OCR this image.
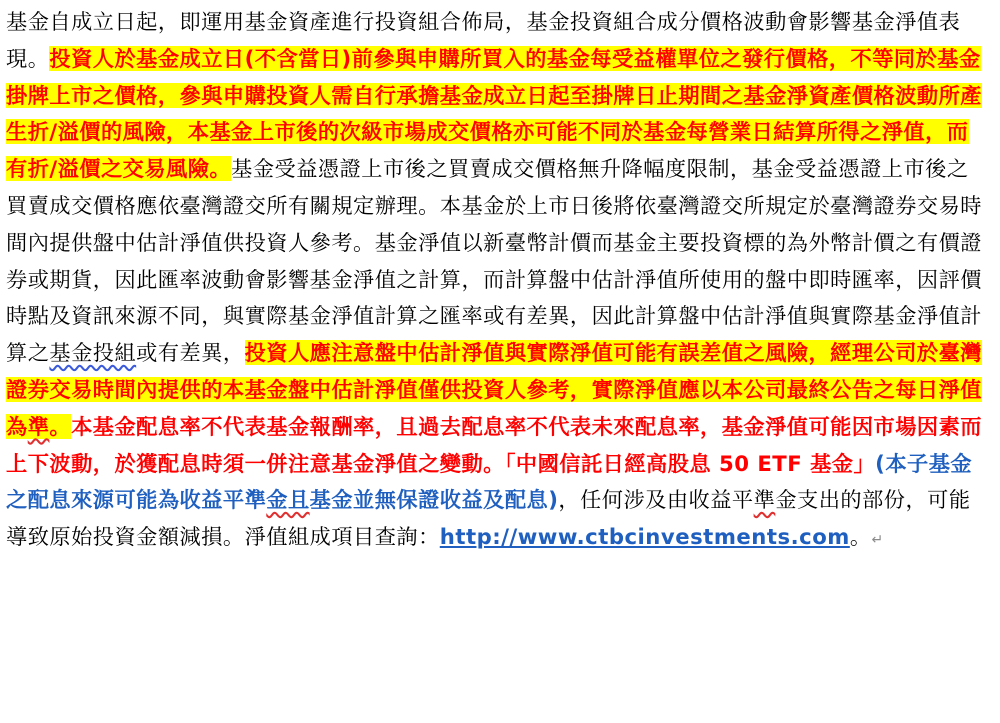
基金自成立日起，即運用基金資產進行投資組合佈局，基金投資組合成分價格波動會影響基金淨值表現。投資人於基金成立日(不含當日)前參與申購所買入的基金每受益權單位之發行價格，不等同於基金掛牌上市之價格，參與申購投資人需自行承擔基金成立日起至掛牌日止期間之基金淨資產價格波動所產生折/溢價的風險，本基金上市後的次級市場成交價格亦可能不同於基金每營業日結算所得之淨值，而有折/溢價之交易風險。基金受益憑證上市後之買賣成交價格無升降幅度限制，基金受益憑證上市後之買賣成交價格應依臺灣證交所有關規定辦理。本基金於上市日後將依臺灣證交所規定於臺灣證券交易時間內提供盤中估計淨值供投資人參考。基金淨值以新臺幣計價而基金主要投資標的為外幣計價之有價證券或期貨，因此匯率波動會影響基金淨值之計算，而計算盤中估計淨值所使用的盤中即時匯率，因評價時點及資訊來源不同，與實際基金淨值計算之匯率或有差異，因此計算盤中估計淨值與實際基金淨值計算之基金投組或有差異，投資人應注意盤中估計淨值與實際淨值可能有誤差值之風險，經理公司於臺灣證券交易時間內提供的本基金盤中估計淨值僅供投資人參考，實際淨值應以本公司最終公告之每日淨值為準。本基金配息率不代表基金報酬率，且過去配息率不代表未來配息率，基金淨值可能因市場因素而上下波動，於獲配息時須一併注意基金淨值之變動。「中國信託日經高股息 50 ETF 基金」(本子基金之配息來源可能為收益平準金且基金並無保證收益及配息)，任何涉及由收益平準金支出的部份，可能導致原始投資金額減損。淨值組成項目查詢：http://www.ctbcinvestments.com。↵
